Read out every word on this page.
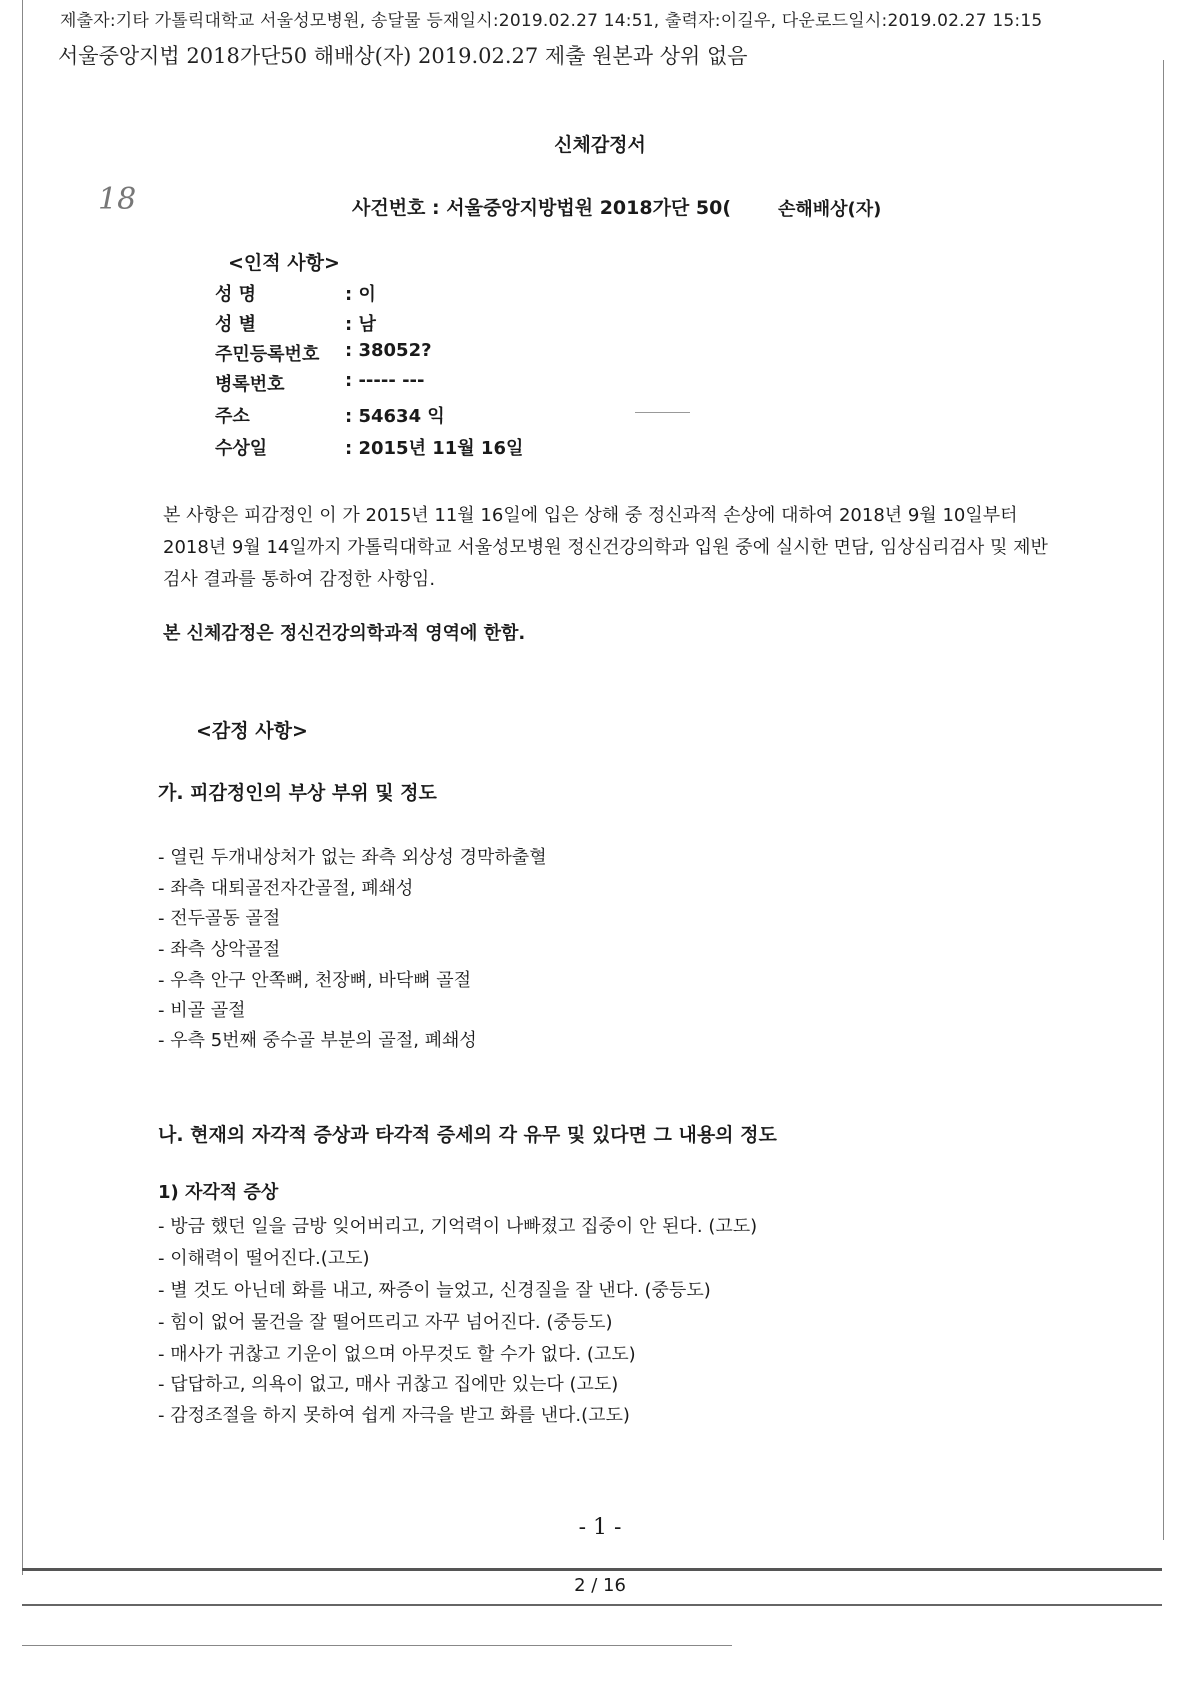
제출자:기타 가톨릭대학교 서울성모병원, 송달물 등재일시:2019.02.27 14:51, 출력자:이길우, 다운로드일시:2019.02.27 15:15
서울중앙지법 2018가단50 해배상(자) 2019.02.27 제출 원본과 상위 없음
18
신체감정서
사건번호 : 서울중앙지방법원 2018가단 50(	손해배상(자)
<인적 사항>
성 명	: 이
성 별	: 남
주민등록번호 : 38052?
병록번호	: ----- ---
주소	: 54634 익
수상일	: 2015년 11월 16일
본 사항은 피감정인 이 가 2015년 11월 16일에 입은 상해 중 정신과적 손상에 대하여 2018년 9월 10일부터 2018년 9월 14일까지 가톨릭대학교 서울성모병원 정신건강의학과 입원 중에 실시한 면담, 임상심리검사 및 제반검사 결과를 통하여 감정한 사항임.
본 신체감정은 정신건강의학과적 영역에 한함.
<감정 사항>
가. 피감정인의 부상 부위 및 정도
- 열린 두개내상처가 없는 좌측 외상성 경막하출혈
- 좌측 대퇴골전자간골절, 폐쇄성
- 전두골동 골절
- 좌측 상악골절
- 우측 안구 안쪽뼈, 천장뼈, 바닥뼈 골절
- 비골 골절
- 우측 5번째 중수골 부분의 골절, 폐쇄성
나. 현재의 자각적 증상과 타각적 증세의 각 유무 및 있다면 그 내용의 정도
1) 자각적 증상
- 방금 했던 일을 금방 잊어버리고, 기억력이 나빠졌고 집중이 안 된다. (고도)
- 이해력이 떨어진다.(고도)
- 별 것도 아닌데 화를 내고, 짜증이 늘었고, 신경질을 잘 낸다. (중등도)
- 힘이 없어 물건을 잘 떨어뜨리고 자꾸 넘어진다. (중등도)
- 매사가 귀찮고 기운이 없으며 아무것도 할 수가 없다. (고도)
- 답답하고, 의욕이 없고, 매사 귀찮고 집에만 있는다 (고도)
- 감정조절을 하지 못하여 쉽게 자극을 받고 화를 낸다.(고도)
- 1 -
2 / 16
